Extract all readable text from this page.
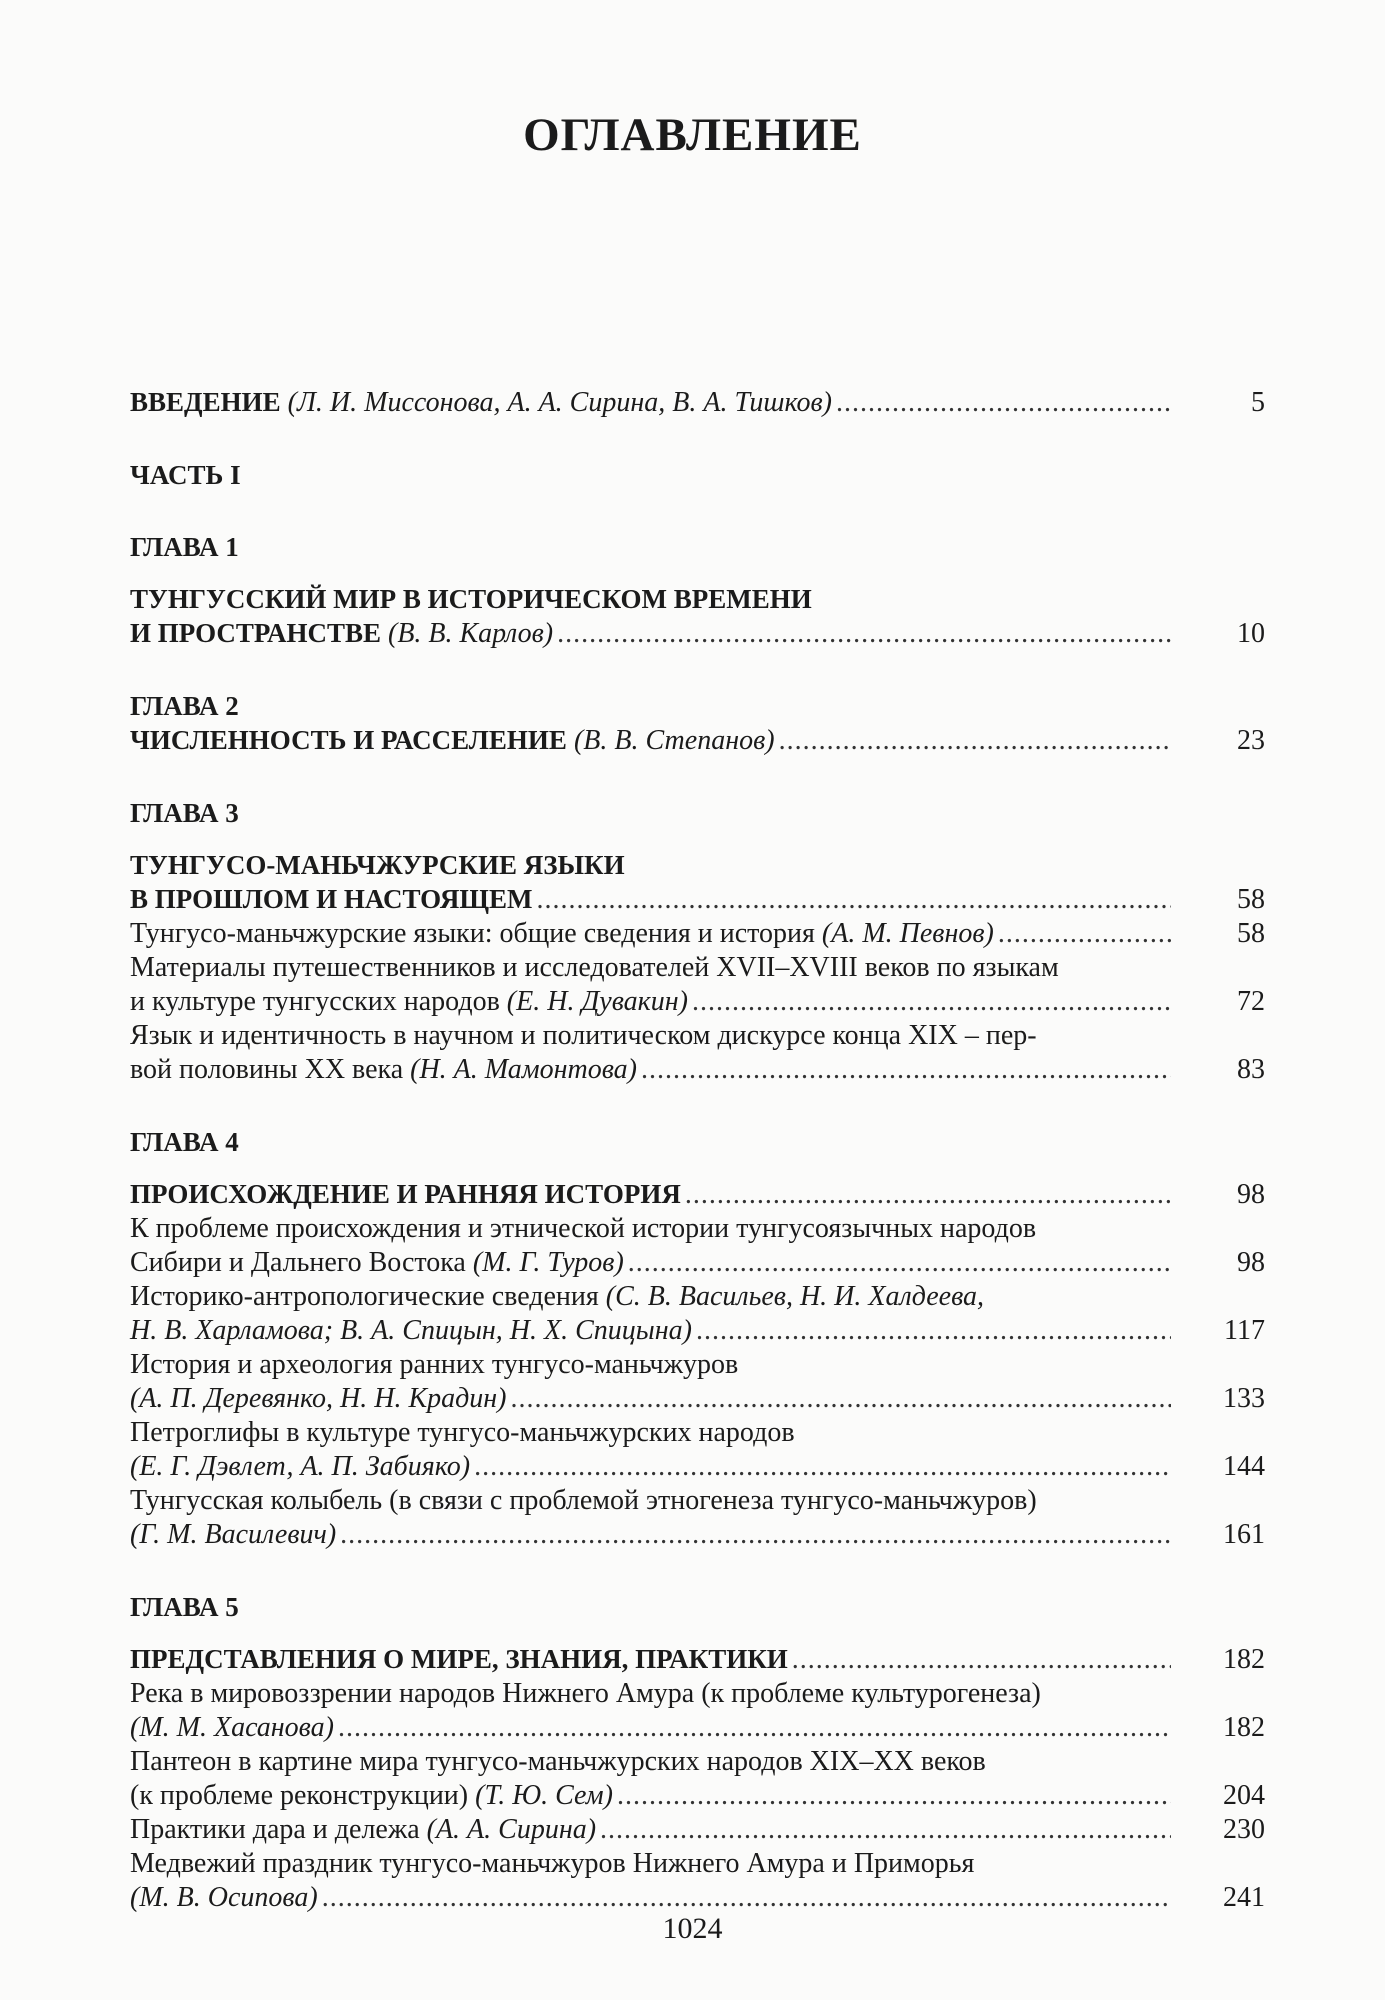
ОГЛАВЛЕНИЕ
ВВЕДЕНИЕ (Л. И. Миссонова, А. А. Сирина, В. А. Тишков) .....	5
ЧАСТЬ I
ГЛАВА 1
ТУНГУССКИЙ МИР В ИСТОРИЧЕСКОМ ВРЕМЕНИ
И ПРОСТРАНСТВЕ (В. В. Карлов) .....	10
ГЛАВА 2
ЧИСЛЕННОСТЬ И РАССЕЛЕНИЕ (В. В. Степанов) .....	23
ГЛАВА 3
ТУНГУСО-МАНЬЧЖУРСКИЕ ЯЗЫКИ
В ПРОШЛОМ И НАСТОЯЩЕМ .....	58
Тунгусо-маньчжурские языки: общие сведения и история (А. М. Певнов) .....	58
Материалы путешественников и исследователей XVII–XVIII веков по языкам
и культуре тунгусских народов (Е. Н. Дувакин) .....	72
Язык и идентичность в научном и политическом дискурсе конца XIX – пер-
вой половины XX века (Н. А. Мамонтова) .....	83
ГЛАВА 4
ПРОИСХОЖДЕНИЕ И РАННЯЯ ИСТОРИЯ .....	98
К проблеме происхождения и этнической истории тунгусоязычных народов
Сибири и Дальнего Востока (М. Г. Туров) .....	98
Историко-антропологические сведения (С. В. Васильев, Н. И. Халдеева,
Н. В. Харламова; В. А. Спицын, Н. Х. Спицына) .....	117
История и археология ранних тунгусо-маньчжуров
(А. П. Деревянко, Н. Н. Крадин) .....	133
Петроглифы в культуре тунгусо-маньчжурских народов
(Е. Г. Дэвлет, А. П. Забияко) .....	144
Тунгусская колыбель (в связи с проблемой этногенеза тунгусо-маньчжуров)
(Г. М. Василевич) .....	161
ГЛАВА 5
ПРЕДСТАВЛЕНИЯ О МИРЕ, ЗНАНИЯ, ПРАКТИКИ .....	182
Река в мировоззрении народов Нижнего Амура (к проблеме культурогенеза)
(М. М. Хасанова) .....	182
Пантеон в картине мира тунгусо-маньчжурских народов XIX–XX веков
(к проблеме реконструкции) (Т. Ю. Сем) .....	204
Практики дара и дележа (А. А. Сирина) .....	230
Медвежий праздник тунгусо-маньчжуров Нижнего Амура и Приморья
(М. В. Осипова) .....	241
1024
